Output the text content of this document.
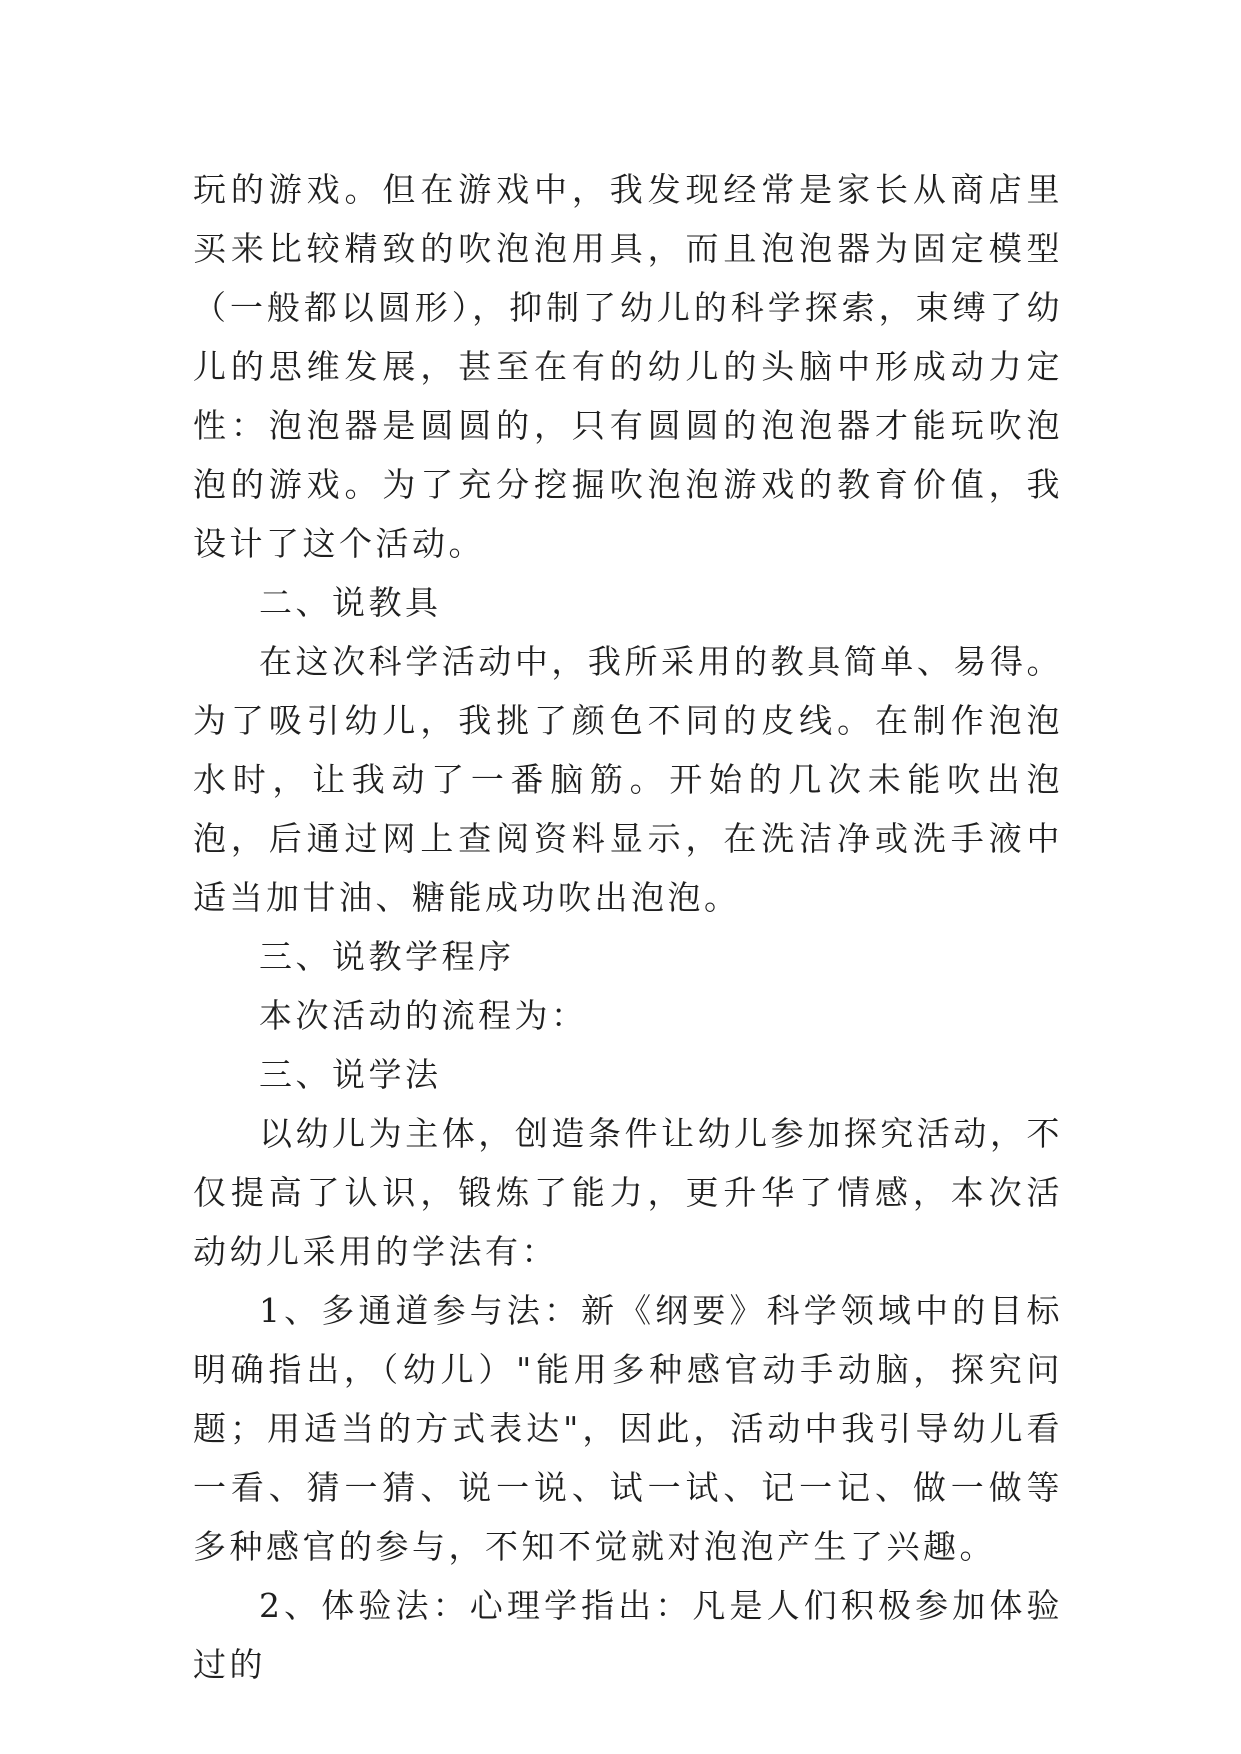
玩的游戏。但在游戏中，我发现经常是家长从商店里买来比较精致的吹泡泡用具，而且泡泡器为固定模型（一般都以圆形），抑制了幼儿的科学探索，束缚了幼儿的思维发展，甚至在有的幼儿的头脑中形成动力定性：泡泡器是圆圆的，只有圆圆的泡泡器才能玩吹泡泡的游戏。为了充分挖掘吹泡泡游戏的教育价值，我设计了这个活动。

二、说教具

在这次科学活动中，我所采用的教具简单、易得。为了吸引幼儿，我挑了颜色不同的皮线。在制作泡泡水时，让我动了一番脑筋。开始的几次未能吹出泡泡，后通过网上查阅资料显示，在洗洁净或洗手液中适当加甘油、糖能成功吹出泡泡。

三、说教学程序

本次活动的流程为：

三、说学法

以幼儿为主体，创造条件让幼儿参加探究活动，不仅提高了认识，锻炼了能力，更升华了情感，本次活动幼儿采用的学法有：

1、多通道参与法：新《纲要》科学领域中的目标明确指出，（幼儿）"能用多种感官动手动脑，探究问题；用适当的方式表达"，因此，活动中我引导幼儿看一看、猜一猜、说一说、试一试、记一记、做一做等多种感官的参与，不知不觉就对泡泡产生了兴趣。

2、体验法：心理学指出：凡是人们积极参加体验过的
